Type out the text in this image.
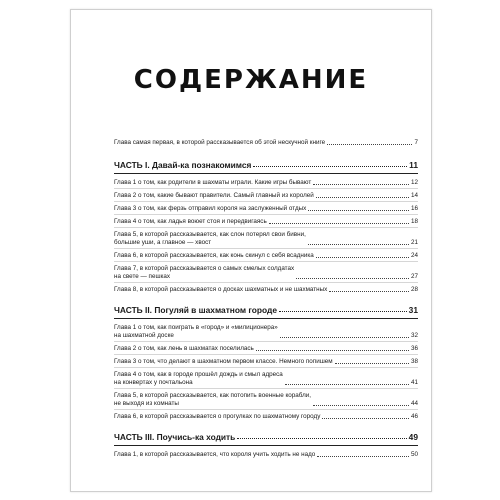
СОДЕРЖАНИЕ
Глава самая первая, в которой рассказывается об этой нескучной книге	7
ЧАСТЬ I. Давай-ка познакомимся	11
Глава 1 о том, как родители в шахматы играли. Какие игры бывают	12
Глава 2 о том, какие бывают правители. Самый главный из королей	14
Глава 3 о том, как ферзь отправил короля на заслуженный отдых	16
Глава 4 о том, как ладья воюет стоя и передвигаясь	18
Глава 5, в которой рассказывается, как слон потерял свои бивни,
большие уши, а главное — хвост	21
Глава 6, в которой рассказывается, как конь скинул с себя всадника	24
Глава 7, в которой рассказывается о самых смелых солдатах
на свете — пешках	27
Глава 8, в которой рассказывается о досках шахматных и не шахматных	28
ЧАСТЬ II. Погуляй в шахматном городе	31
Глава 1 о том, как поиграть в «город» и «милиционера»
на шахматной доске	32
Глава 2 о том, как лень в шахматах поселилась	36
Глава 3 о том, что делают в шахматном первом классе. Немного попишем	38
Глава 4 о том, как в городе прошёл дождь и смыл адреса
на конвертах у почтальона	41
Глава 5, в которой рассказывается, как потопить военные корабли,
не выходя из комнаты	44
Глава 6, в которой рассказывается о прогулках по шахматному городу	46
ЧАСТЬ III. Поучись-ка ходить	49
Глава 1, в которой рассказывается, что короля учить ходить не надо	50
